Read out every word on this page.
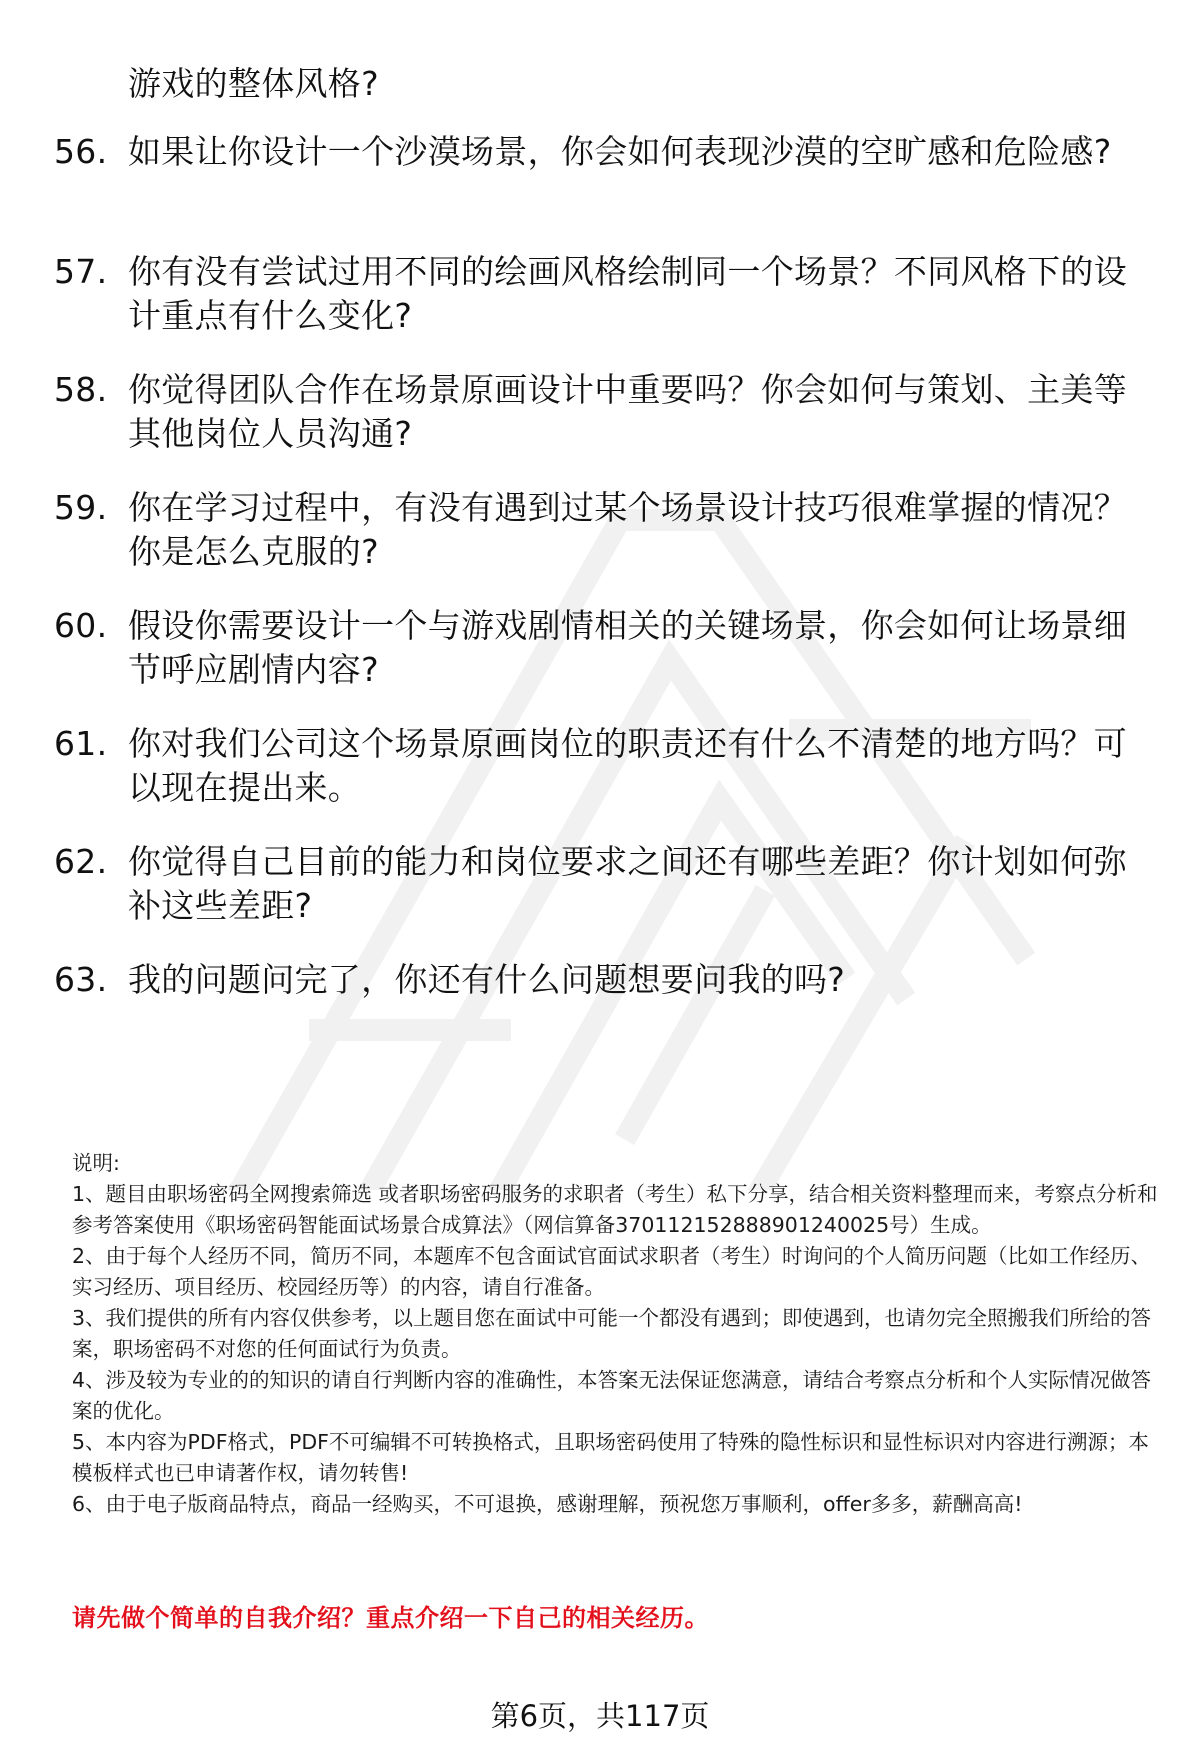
游戏的整体风格?
56. 如果让你设计一个沙漠场景，你会如何表现沙漠的空旷感和危险感?
57. 你有没有尝试过用不同的绘画风格绘制同一个场景？不同风格下的设计重点有什么变化?
58. 你觉得团队合作在场景原画设计中重要吗？你会如何与策划、主美等其他岗位人员沟通?
59. 你在学习过程中，有没有遇到过某个场景设计技巧很难掌握的情况？你是怎么克服的?
60. 假设你需要设计一个与游戏剧情相关的关键场景，你会如何让场景细节呼应剧情内容?
61. 你对我们公司这个场景原画岗位的职责还有什么不清楚的地方吗？可以现在提出来。
62. 你觉得自己目前的能力和岗位要求之间还有哪些差距？你计划如何弥补这些差距?
63. 我的问题问完了，你还有什么问题想要问我的吗?

说明:

1、题目由职场密码全网搜索筛选 或者职场密码服务的求职者（考生）私下分享，结合相关资料整理而来，考察点分析和参考答案使用《职场密码智能面试场景合成算法》（网信算备370112152888901240025号）生成。

2、由于每个人经历不同，简历不同，本题库不包含面试官面试求职者（考生）时询问的个人简历问题（比如工作经历、实习经历、项目经历、校园经历等）的内容，请自行准备。

3、我们提供的所有内容仅供参考，以上题目您在面试中可能一个都没有遇到；即使遇到，也请勿完全照搬我们所给的答案，职场密码不对您的任何面试行为负责。

4、涉及较为专业的的知识的请自行判断内容的准确性，本答案无法保证您满意，请结合考察点分析和个人实际情况做答案的优化。

5、本内容为PDF格式，PDF不可编辑不可转换格式，且职场密码使用了特殊的隐性标识和显性标识对内容进行溯源；本模板样式也已申请著作权，请勿转售!

6、由于电子版商品特点，商品一经购买，不可退换，感谢理解，预祝您万事顺利，offer多多，薪酬高高!

请先做个简单的自我介绍？重点介绍一下自己的相关经历。
第6页，共117页
